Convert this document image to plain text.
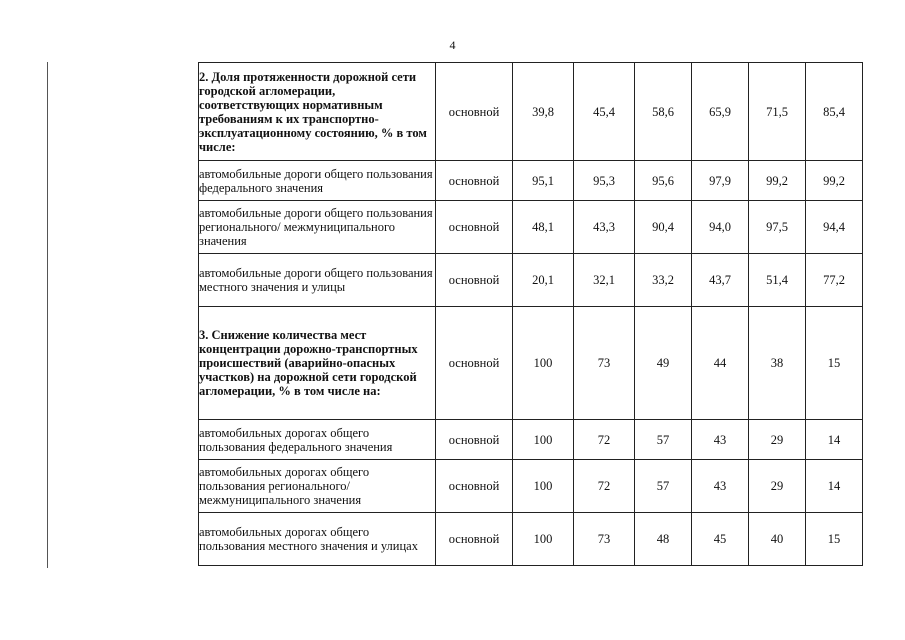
4
2. Доля протяженности дорожной сети городской агломерации, соответствующих нормативным требованиям к их транспортно-эксплуатационному состоянию, % в том числе:	основной	39,8	45,4	58,6	65,9	71,5	85,4
автомобильные дороги общего пользования федерального значения	основной	95,1	95,3	95,6	97,9	99,2	99,2
автомобильные дороги общего пользования регионального/ межмуниципального значения	основной	48,1	43,3	90,4	94,0	97,5	94,4
автомобильные дороги общего пользования местного значения и улицы	основной	20,1	32,1	33,2	43,7	51,4	77,2
3. Снижение количества мест концентрации дорожно-транспортных происшествий (аварийно-опасных участков) на дорожной сети городской агломерации, % в том числе на:	основной	100	73	49	44	38	15
автомобильных дорогах общего пользования федерального значения	основной	100	72	57	43	29	14
автомобильных дорогах общего пользования регионального/ межмуниципального значения	основной	100	72	57	43	29	14
автомобильных дорогах общего пользования местного значения и улицах	основной	100	73	48	45	40	15
